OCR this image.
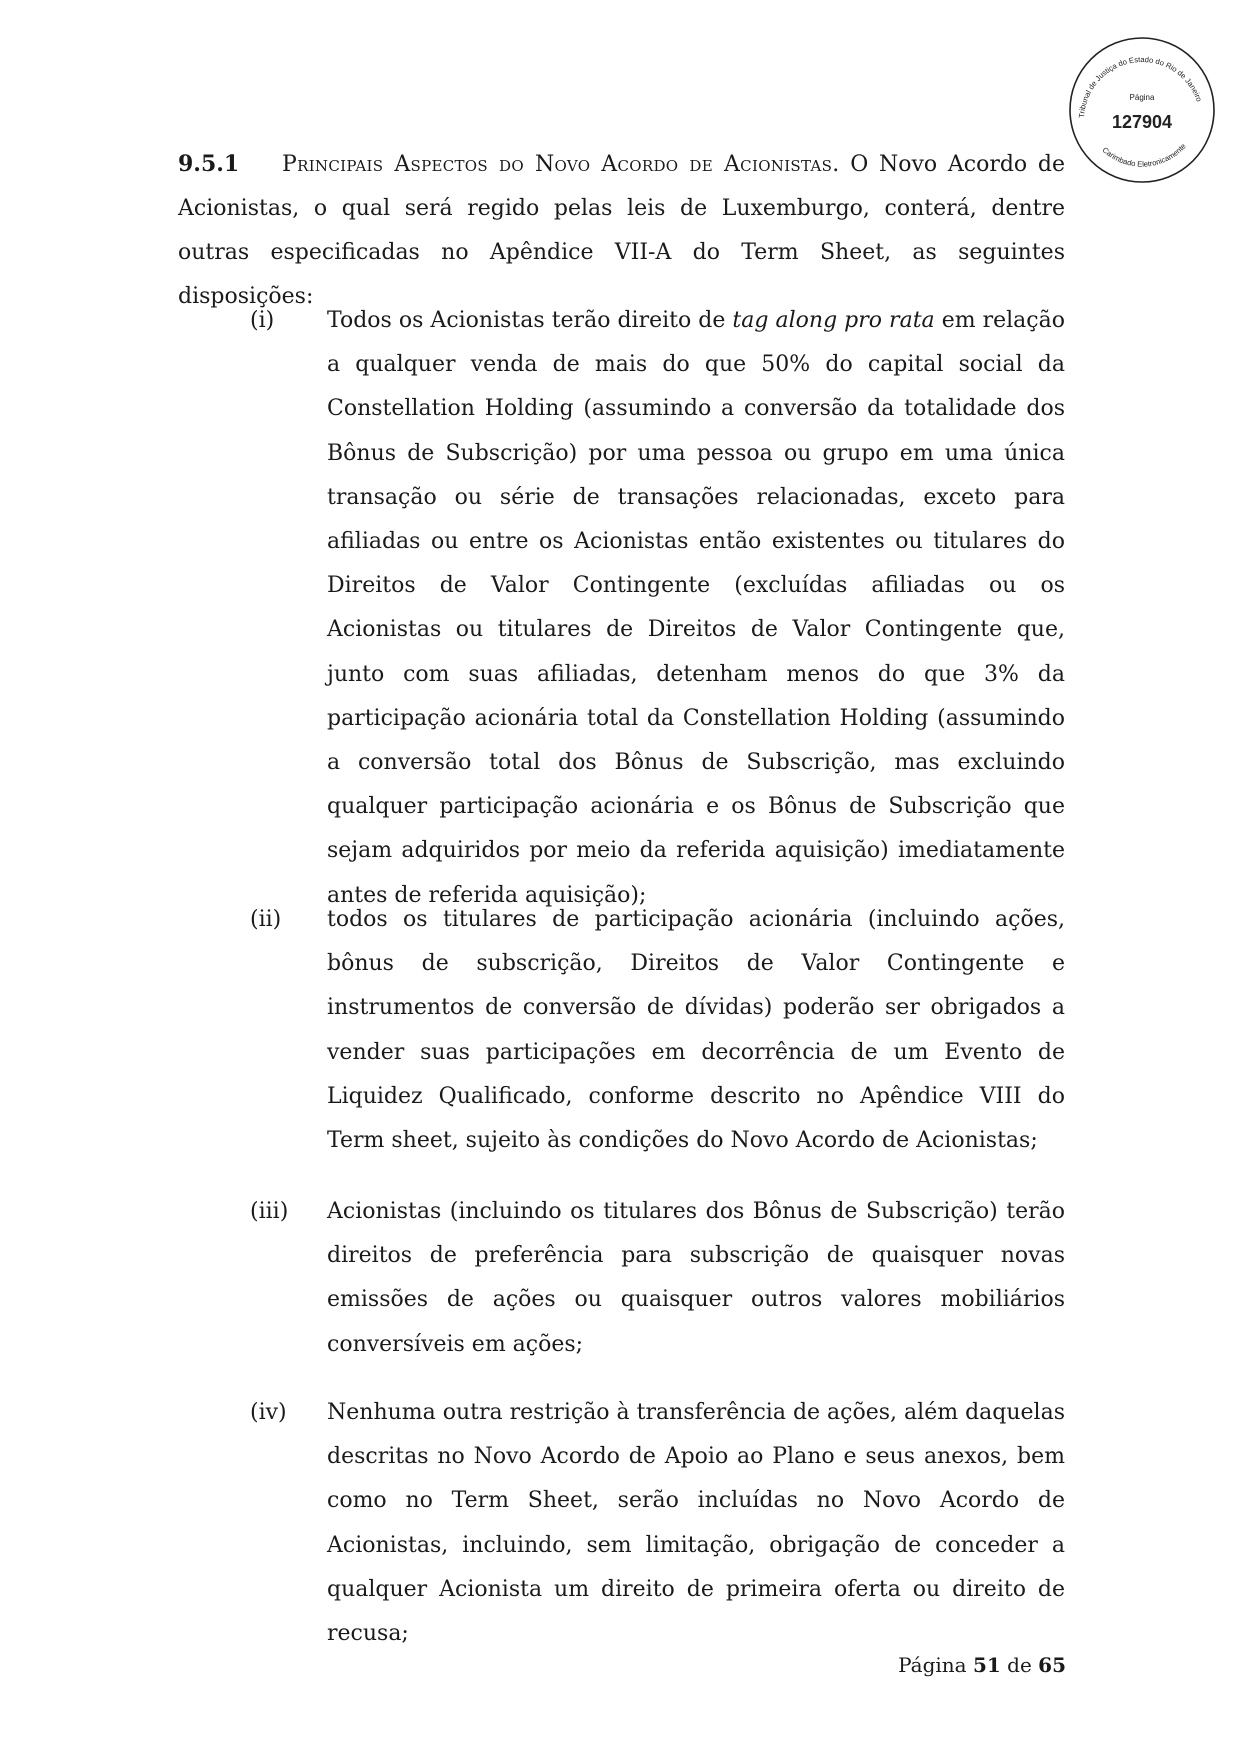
Tribunal de Justiça do Estado do Rio de Janeiro
Carimbado Eletronicamente
Página
127904
9.5.1 Principais Aspectos do Novo Acordo de Acionistas. O Novo Acordo de Acionistas, o qual será regido pelas leis de Luxemburgo, conterá, dentre outras especificadas no Apêndice VII-A do Term Sheet, as seguintes disposições:
(i)	Todos os Acionistas terão direito de tag along pro rata em relação a qualquer venda de mais do que 50% do capital social da Constellation Holding (assumindo a conversão da totalidade dos Bônus de Subscrição) por uma pessoa ou grupo em uma única transação ou série de transações relacionadas, exceto para afiliadas ou entre os Acionistas então existentes ou titulares do Direitos de Valor Contingente (excluídas afiliadas ou os Acionistas ou titulares de Direitos de Valor Contingente que, junto com suas afiliadas, detenham menos do que 3% da participação acionária total da Constellation Holding (assumindo a conversão total dos Bônus de Subscrição, mas excluindo qualquer participação acionária e os Bônus de Subscrição que sejam adquiridos por meio da referida aquisição) imediatamente antes de referida aquisição);
(ii)	todos os titulares de participação acionária (incluindo ações, bônus de subscrição, Direitos de Valor Contingente e instrumentos de conversão de dívidas) poderão ser obrigados a vender suas participações em decorrência de um Evento de Liquidez Qualificado, conforme descrito no Apêndice VIII do Term sheet, sujeito às condições do Novo Acordo de Acionistas;
(iii)	Acionistas (incluindo os titulares dos Bônus de Subscrição) terão direitos de preferência para subscrição de quaisquer novas emissões de ações ou quaisquer outros valores mobiliários conversíveis em ações;
(iv)	Nenhuma outra restrição à transferência de ações, além daquelas descritas no Novo Acordo de Apoio ao Plano e seus anexos, bem como no Term Sheet, serão incluídas no Novo Acordo de Acionistas, incluindo, sem limitação, obrigação de conceder a qualquer Acionista um direito de primeira oferta ou direito de recusa;
Página 51 de 65
